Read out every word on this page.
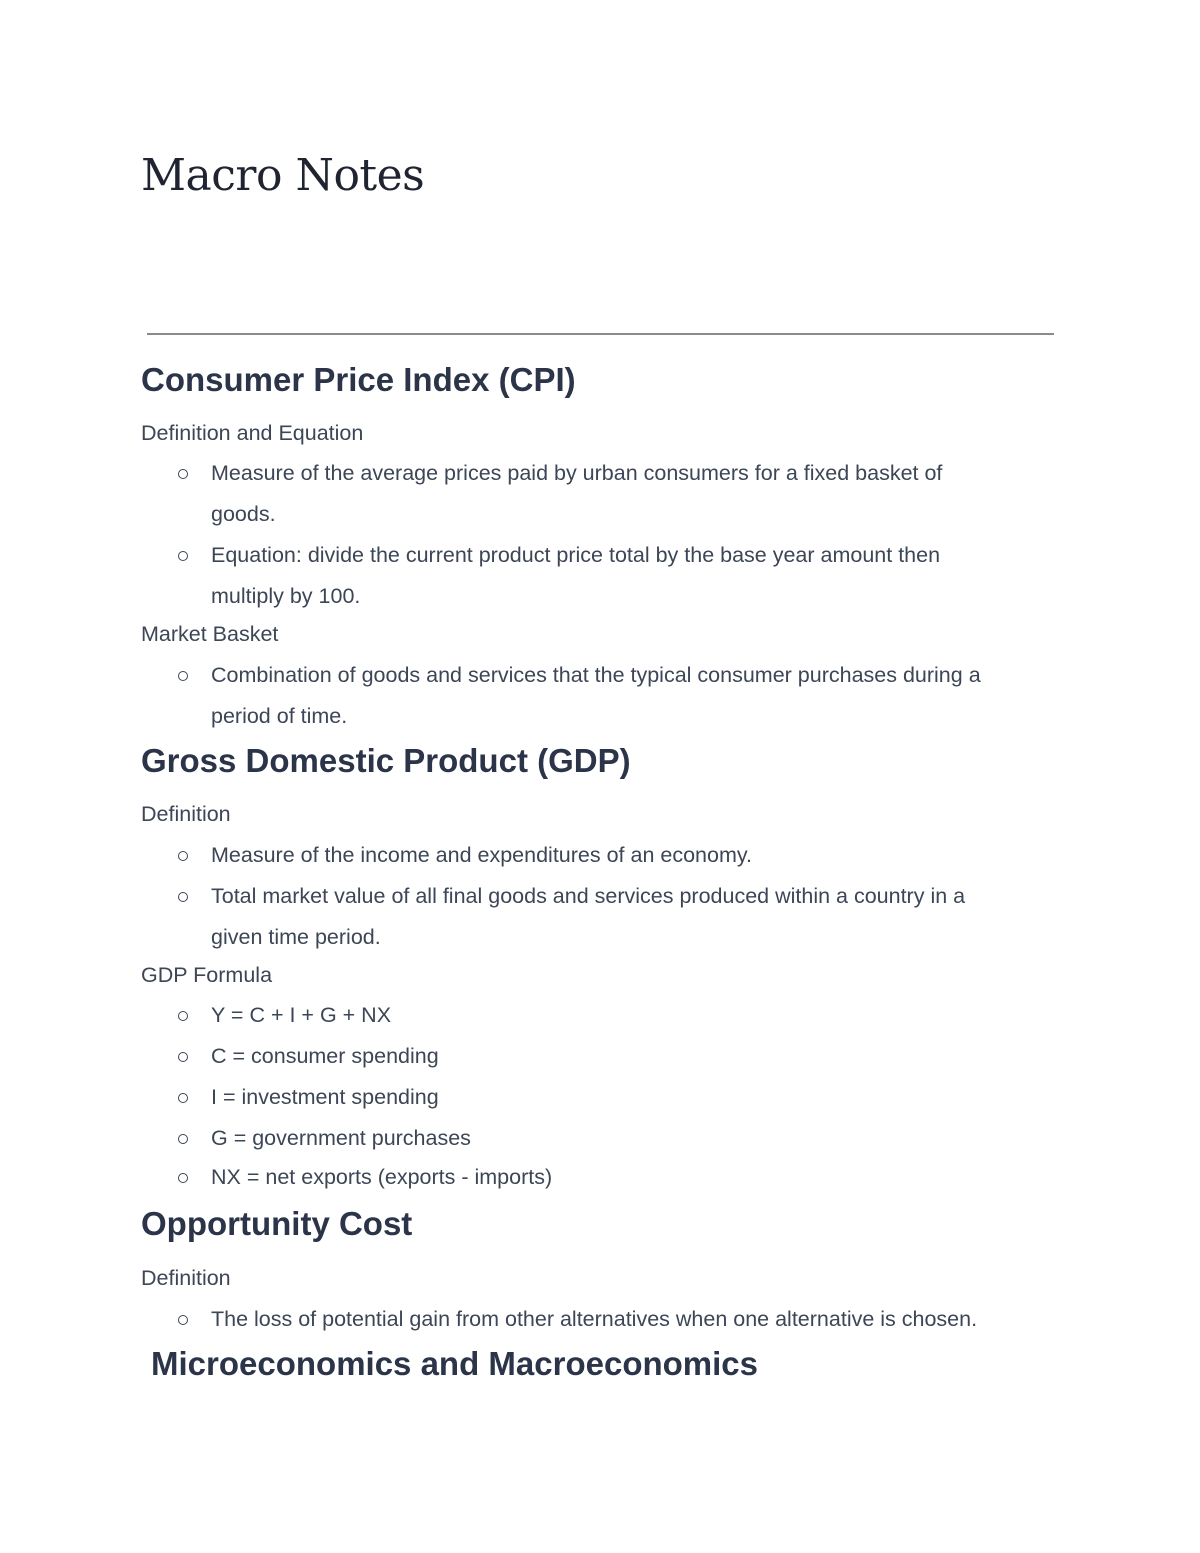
Macro Notes
Consumer Price Index (CPI)
Definition and Equation
Measure of the average prices paid by urban consumers for a fixed basket of
goods.
Equation: divide the current product price total by the base year amount then
multiply by 100.
Market Basket
Combination of goods and services that the typical consumer purchases during a
period of time.
Gross Domestic Product (GDP)
Definition
Measure of the income and expenditures of an economy.
Total market value of all final goods and services produced within a country in a
given time period.
GDP Formula
Y = C + I + G + NX
C = consumer spending
I = investment spending
G = government purchases
NX = net exports (exports - imports)
Opportunity Cost
Definition
The loss of potential gain from other alternatives when one alternative is chosen.
Microeconomics and Macroeconomics
